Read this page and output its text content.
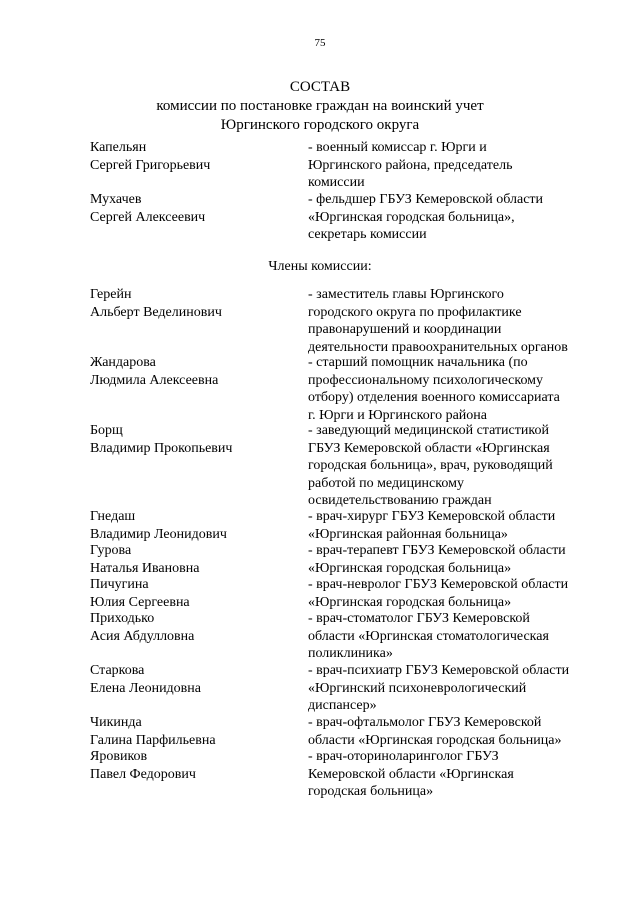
75
СОСТАВ
комиссии по постановке граждан на воинский учет
Юргинского городского округа
Капельян
Сергей Григорьевич
- военный комиссар г. Юрги и
Юргинского района, председатель
комиссии
Мухачев
Сергей Алексеевич
- фельдшер ГБУЗ Кемеровской области
«Юргинская городская больница»,
секретарь комиссии
Герейн
Альберт Веделинович
- заместитель главы Юргинского
городского округа по профилактике
правонарушений и координации
деятельности правоохранительных органов
Жандарова
Людмила Алексеевна
- старший помощник начальника (по
профессиональному психологическому
отбору) отделения военного комиссариата
г. Юрги и Юргинского района
Борщ
Владимир Прокопьевич
- заведующий медицинской статистикой
ГБУЗ Кемеровской области «Юргинская
городская больница», врач, руководящий
работой по медицинскому
освидетельствованию граждан
Гнедаш
Владимир Леонидович
- врач-хирург ГБУЗ Кемеровской области
«Юргинская районная больница»
Гурова
Наталья Ивановна
- врач-терапевт ГБУЗ Кемеровской области
«Юргинская городская больница»
Пичугина
Юлия Сергеевна
- врач-невролог ГБУЗ Кемеровской области
«Юргинская городская больница»
Приходько
Асия Абдулловна
- врач-стоматолог ГБУЗ Кемеровской
области «Юргинская стоматологическая
поликлиника»
Старкова
Елена Леонидовна
- врач-психиатр ГБУЗ Кемеровской области
«Юргинский психоневрологический
диспансер»
Чикинда
Галина Парфильевна
- врач-офтальмолог ГБУЗ Кемеровской
области «Юргинская городская больница»
Яровиков
Павел Федорович
- врач-оториноларинголог ГБУЗ
Кемеровской области «Юргинская
городская больница»
Члены комиссии:
